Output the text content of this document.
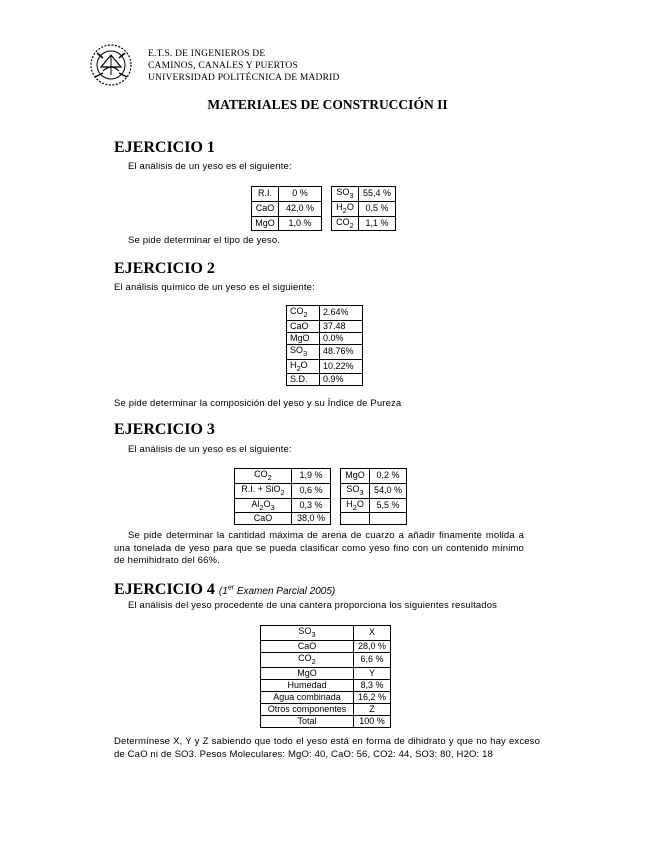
E.T.S. DE INGENIEROS DE
CAMINOS, CANALES Y PUERTOS
UNIVERSIDAD POLITÉCNICA DE MADRID
MATERIALES DE CONSTRUCCIÓN II
EJERCICIO 1
El análisis de un yeso es el siguiente:
R.I.	0 %		$SO_3$	55,4 %
CaO	42,0 %		$H_2O$	0,5 %
MgO	1,0 %		$CO_2$	1,1 %
Se pide determinar el tipo de yeso.
EJERCICIO 2
El análisis químico de un yeso es el siguiente:
$CO_2$	2.64%
CaO	37.48
MgO	0.0%
$SO_3$	48.76%
$H_2O$	10.22%
S.D.	0.9%
Se pide determinar la composición del yeso y su Índice de Pureza
EJERCICIO 3
El análisis de un yeso es el siguiente:
$CO_2$	1,9 %		MgO	0,2 %
R.I. + SiO$_2$	0,6 %		$SO_3$	54,0 %
$Al_2O_3$	0,3 %		$H_2O$	5,5 %
CaO	38,0 %			
Se pide determinar la cantidad máxima de arena de cuarzo a añadir finamente molida a una tonelada de yeso para que se pueda clasificar como yeso fino con un contenido mínimo de hemihidrato del 66%.
EJERCICIO 4 (1er Examen Parcial 2005)
El análisis del yeso procedente de una cantera proporciona los siguientes resultados
$SO_3$	X
CaO	28,0 %
$CO_2$	6,6 %
MgO	Y
Humedad	8,3 %
Agua combinada	16,2 %
Otros componentes	Z
Total	100 %
Determínese X, Y y Z sabiendo que todo el yeso está en forma de dihidrato y que no hay exceso de CaO ni de SO3. Pesos Moleculares: MgO: 40, CaO: 56, CO2: 44, SO3: 80, H2O: 18
